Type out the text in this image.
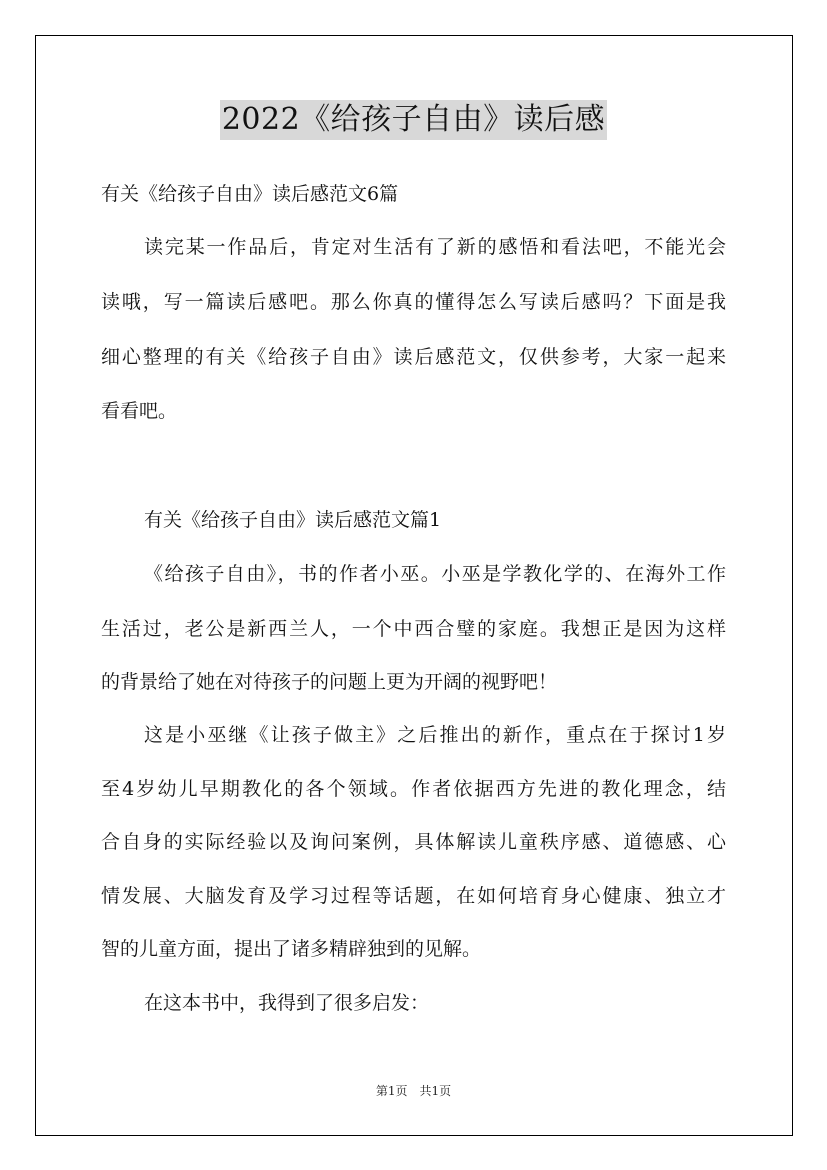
2022《给孩子自由》读后感
有关《给孩子自由》读后感范文6篇
读完某一作品后，肯定对生活有了新的感悟和看法吧，不能光会
读哦，写一篇读后感吧。那么你真的懂得怎么写读后感吗？下面是我
细心整理的有关《给孩子自由》读后感范文，仅供参考，大家一起来
看看吧。
有关《给孩子自由》读后感范文篇1
《给孩子自由》，书的作者小巫。小巫是学教化学的、在海外工作
生活过，老公是新西兰人，一个中西合璧的家庭。我想正是因为这样
的背景给了她在对待孩子的问题上更为开阔的视野吧！
这是小巫继《让孩子做主》之后推出的新作，重点在于探讨1岁
至4岁幼儿早期教化的各个领域。作者依据西方先进的教化理念，结
合自身的实际经验以及询问案例，具体解读儿童秩序感、道德感、心
情发展、大脑发育及学习过程等话题，在如何培育身心健康、独立才
智的儿童方面，提出了诸多精辟独到的见解。
在这本书中，我得到了很多启发：
第1页　共1页
